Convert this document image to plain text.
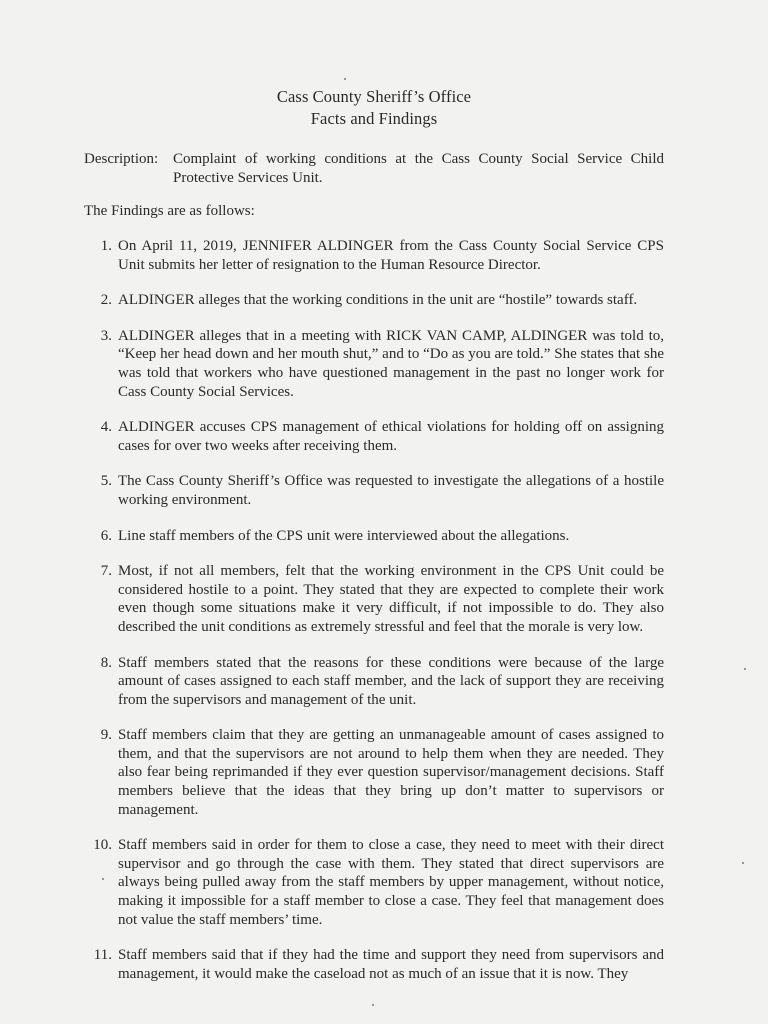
Cass County Sheriff’s Office
Facts and Findings
Description: Complaint of working conditions at the Cass County Social Service Child Protective Services Unit.
The Findings are as follows:
1. On April 11, 2019, JENNIFER ALDINGER from the Cass County Social Service CPS Unit submits her letter of resignation to the Human Resource Director.
2. ALDINGER alleges that the working conditions in the unit are “hostile” towards staff.
3. ALDINGER alleges that in a meeting with RICK VAN CAMP, ALDINGER was told to, “Keep her head down and her mouth shut,” and to “Do as you are told.” She states that she was told that workers who have questioned management in the past no longer work for Cass County Social Services.
4. ALDINGER accuses CPS management of ethical violations for holding off on assigning cases for over two weeks after receiving them.
5. The Cass County Sheriff’s Office was requested to investigate the allegations of a hostile working environment.
6. Line staff members of the CPS unit were interviewed about the allegations.
7. Most, if not all members, felt that the working environment in the CPS Unit could be considered hostile to a point. They stated that they are expected to complete their work even though some situations make it very difficult, if not impossible to do. They also described the unit conditions as extremely stressful and feel that the morale is very low.
8. Staff members stated that the reasons for these conditions were because of the large amount of cases assigned to each staff member, and the lack of support they are receiving from the supervisors and management of the unit.
9. Staff members claim that they are getting an unmanageable amount of cases assigned to them, and that the supervisors are not around to help them when they are needed. They also fear being reprimanded if they ever question supervisor/management decisions. Staff members believe that the ideas that they bring up don’t matter to supervisors or management.
10. Staff members said in order for them to close a case, they need to meet with their direct supervisor and go through the case with them. They stated that direct supervisors are always being pulled away from the staff members by upper management, without notice, making it impossible for a staff member to close a case. They feel that management does not value the staff members’ time.
11. Staff members said that if they had the time and support they need from supervisors and management, it would make the caseload not as much of an issue that it is now. They
